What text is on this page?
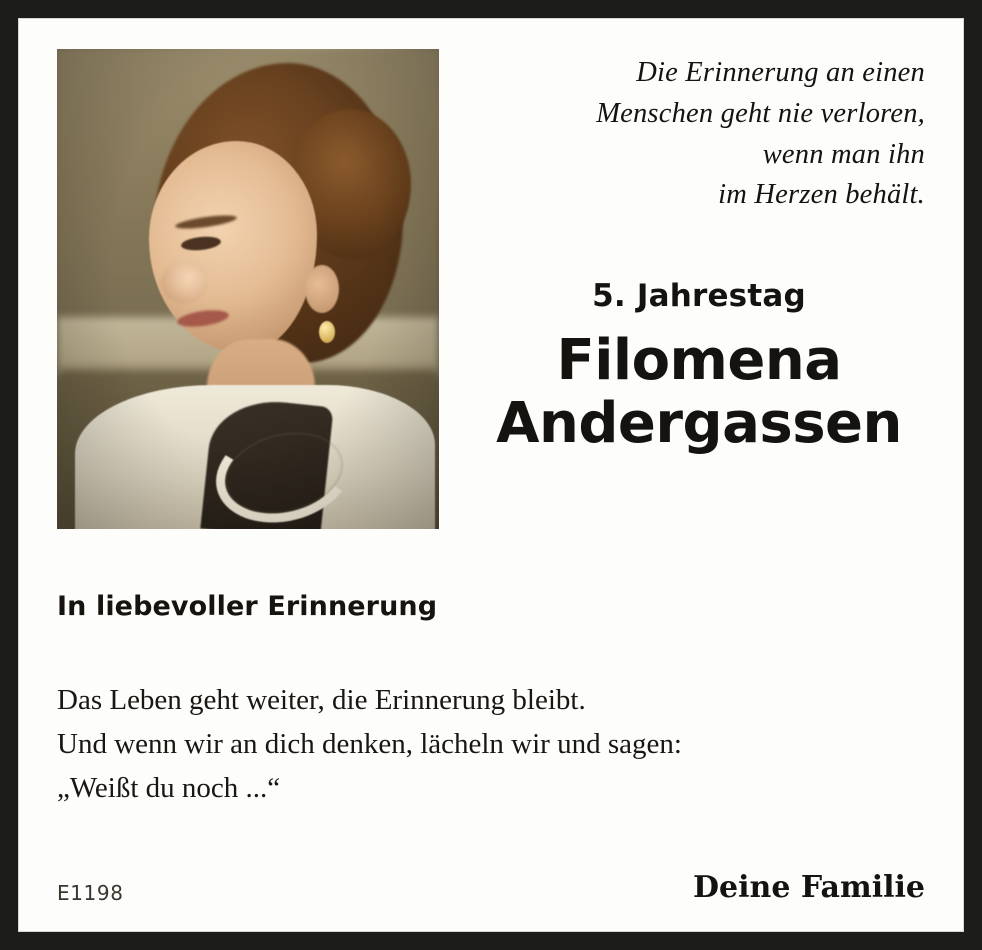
Die Erinnerung an einen
Menschen geht nie verloren,
wenn man ihn
im Herzen behält.
5. Jahrestag
Filomena
Andergassen
In liebevoller Erinnerung
Das Leben geht weiter, die Erinnerung bleibt.
Und wenn wir an dich denken, lächeln wir und sagen:
„Weißt du noch ...“
E1198	Deine Familie
